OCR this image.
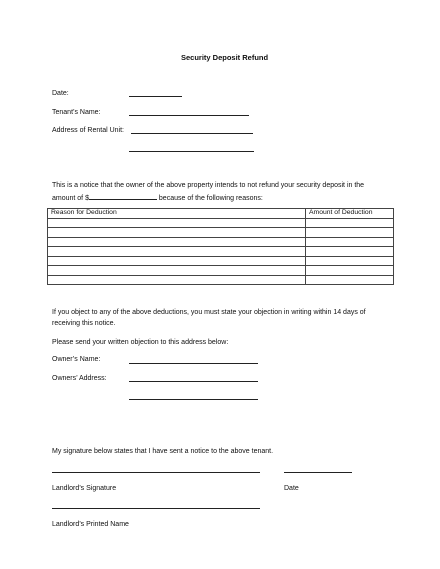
Security Deposit Refund
Date:
Tenant’s Name:
Address of Rental Unit:
This is a notice that the owner of the above property intends to not refund your security deposit in the
amount of $	because of the following reasons:
Reason for Deduction	Amount of Deduction

If you object to any of the above deductions, you must state your objection in writing within 14 days of
receiving this notice.
Please send your written objection to this address below:
Owner’s Name:
Owners’ Address:
My signature below states that I have sent a notice to the above tenant.
Landlord’s Signature	Date
Landlord’s Printed Name
